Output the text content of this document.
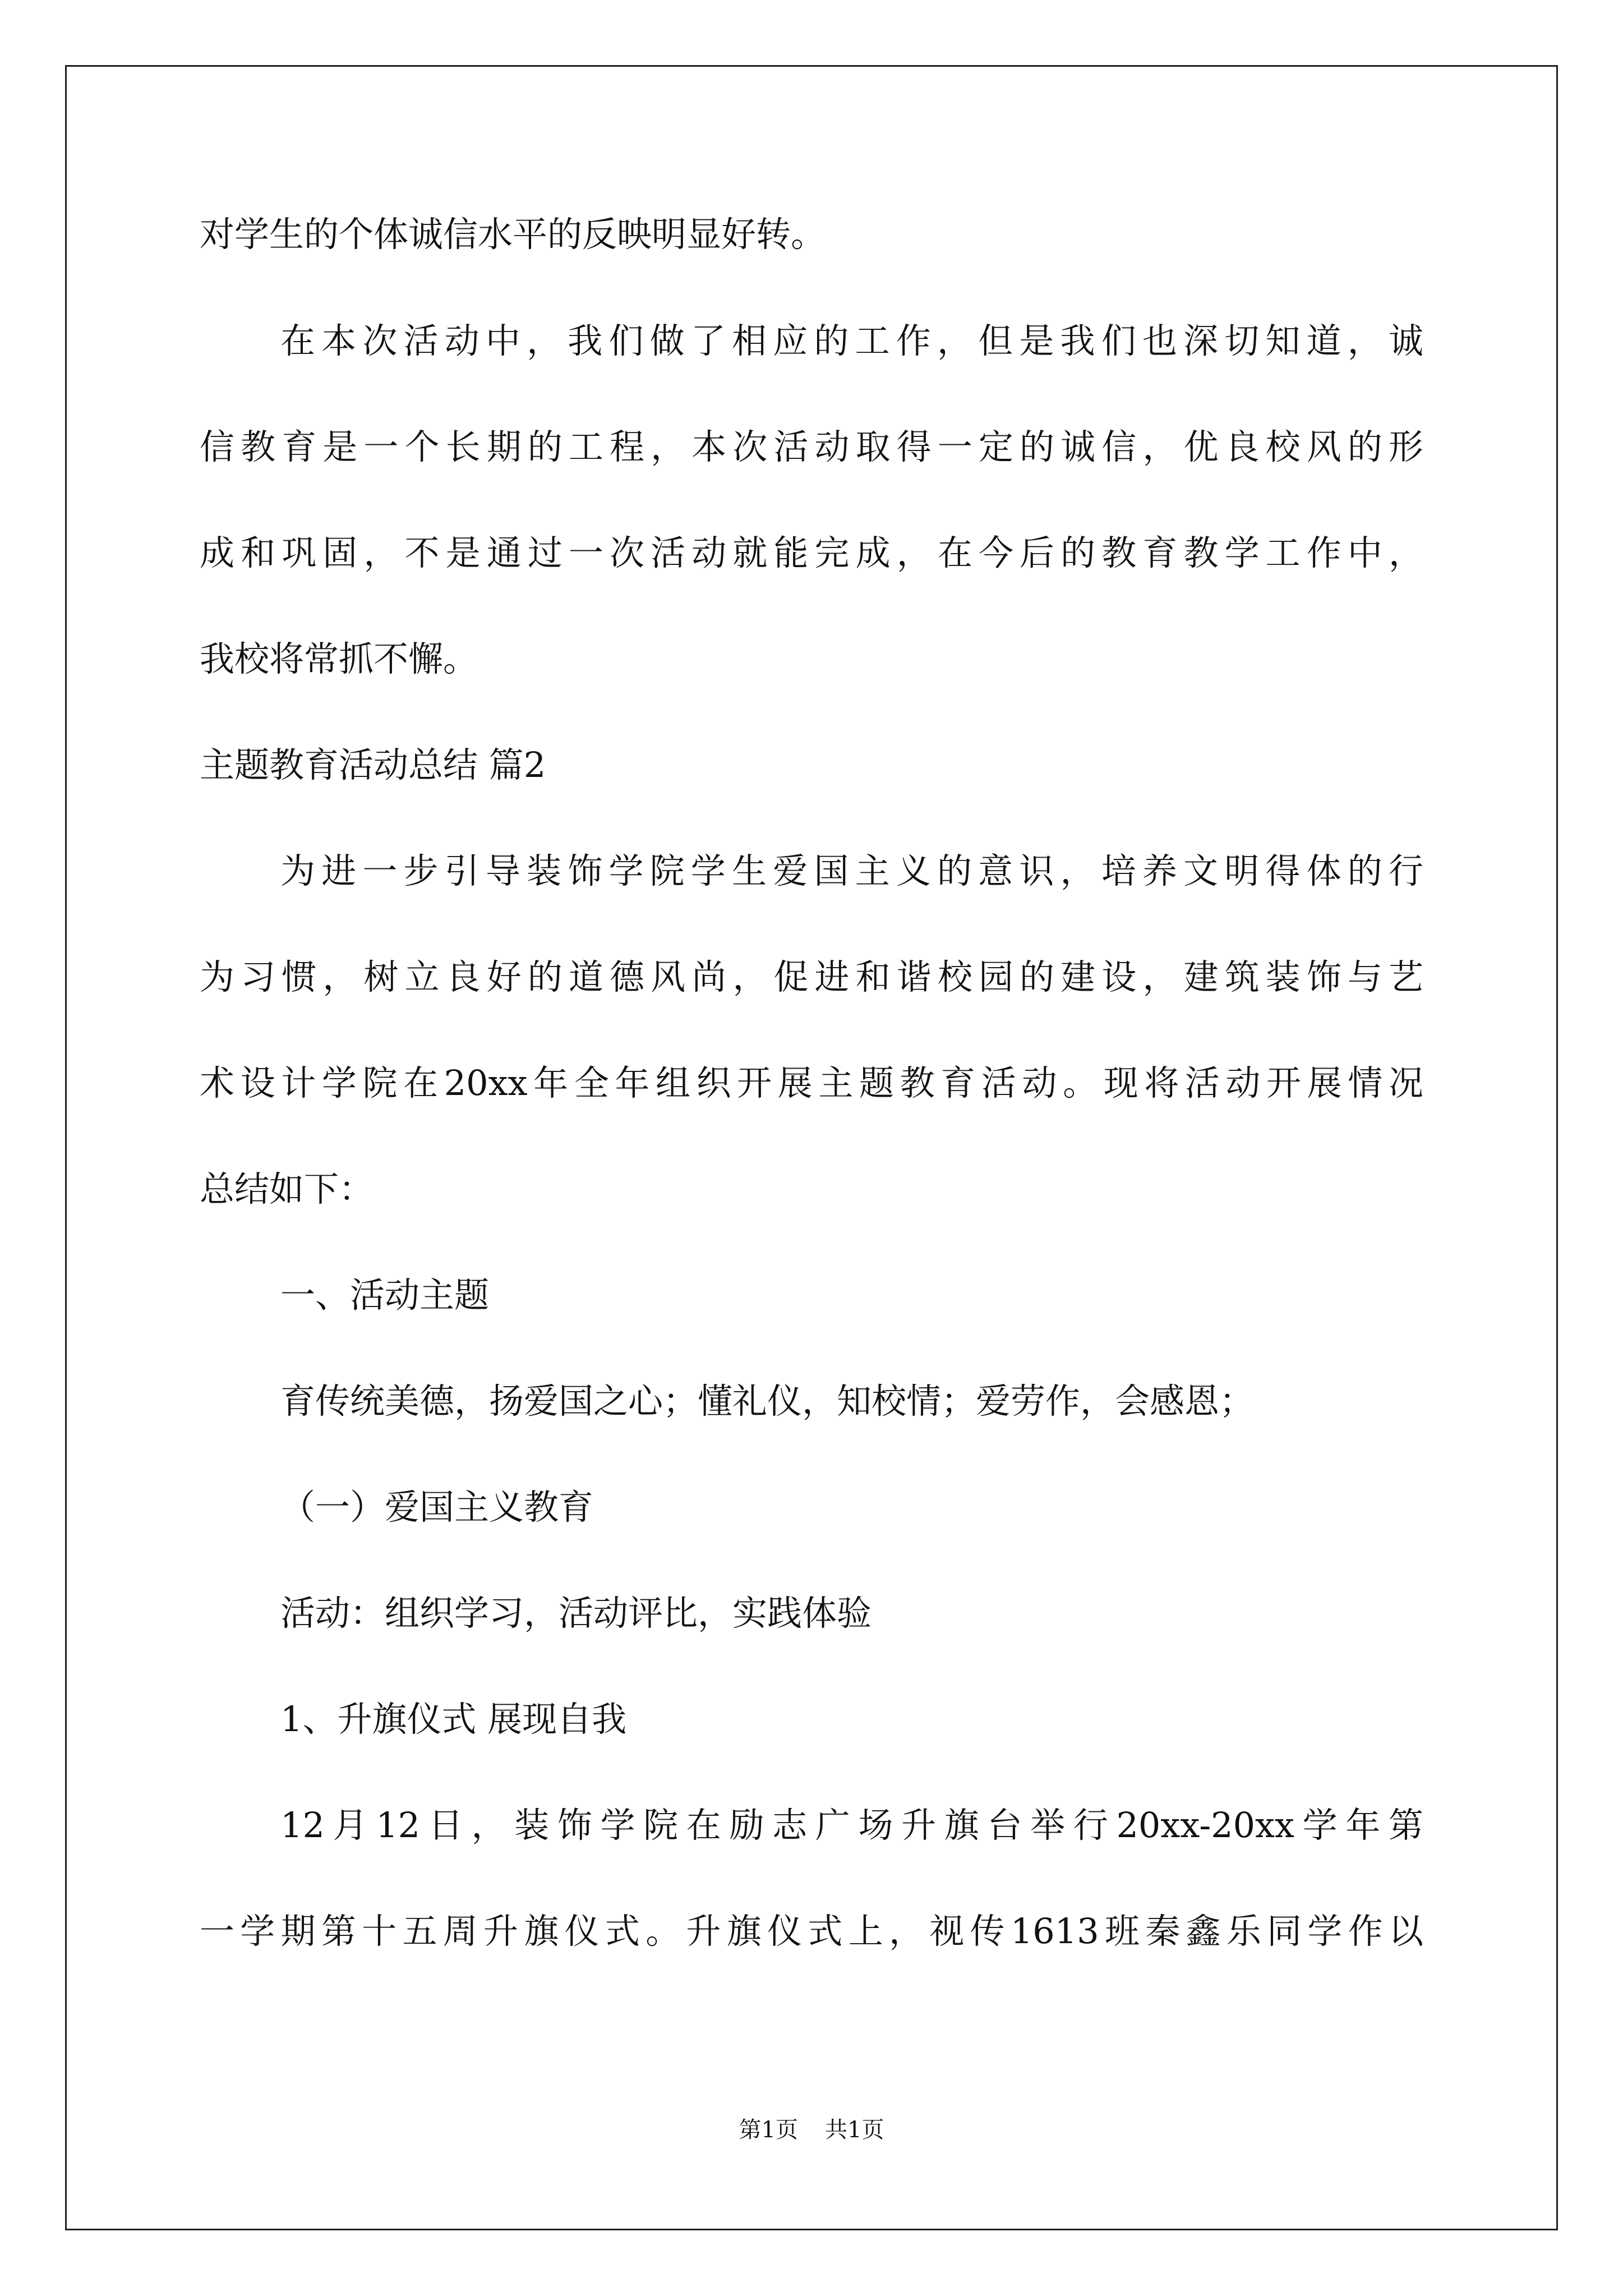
对学生的个体诚信水平的反映明显好转。
在本次活动中，我们做了相应的工作，但是我们也深切知道，诚
信教育是一个长期的工程，本次活动取得一定的诚信，优良校风的形
成和巩固，不是通过一次活动就能完成，在今后的教育教学工作中，
我校将常抓不懈。
主题教育活动总结 篇2
为进一步引导装饰学院学生爱国主义的意识，培养文明得体的行
为习惯，树立良好的道德风尚，促进和谐校园的建设，建筑装饰与艺
术设计学院在20xx年全年组织开展主题教育活动。现将活动开展情况
总结如下：
一、活动主题
育传统美德，扬爱国之心；懂礼仪，知校情；爱劳作，会感恩；
（一）爱国主义教育
活动：组织学习，活动评比，实践体验
1、升旗仪式 展现自我
12月12日，装饰学院在励志广场升旗台举行20xx-20xx学年第
一学期第十五周升旗仪式。升旗仪式上，视传1613班秦鑫乐同学作以
第1页 共1页
